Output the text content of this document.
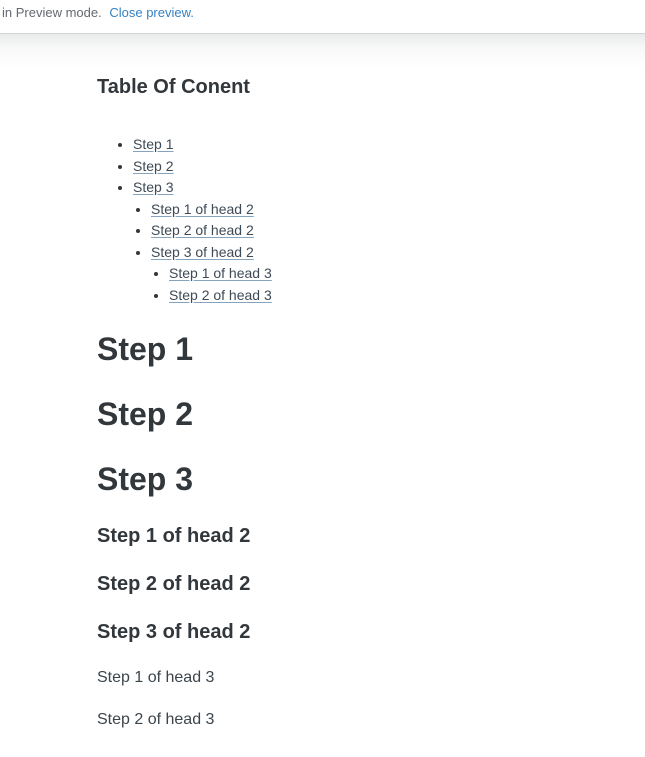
in Preview mode. Close preview.
Table Of Conent
• Step 1
• Step 2
• Step 3
• Step 1 of head 2
• Step 2 of head 2
• Step 3 of head 2
• Step 1 of head 3
• Step 2 of head 3
Step 1
Step 2
Step 3
Step 1 of head 2
Step 2 of head 2
Step 3 of head 2
Step 1 of head 3
Step 2 of head 3
